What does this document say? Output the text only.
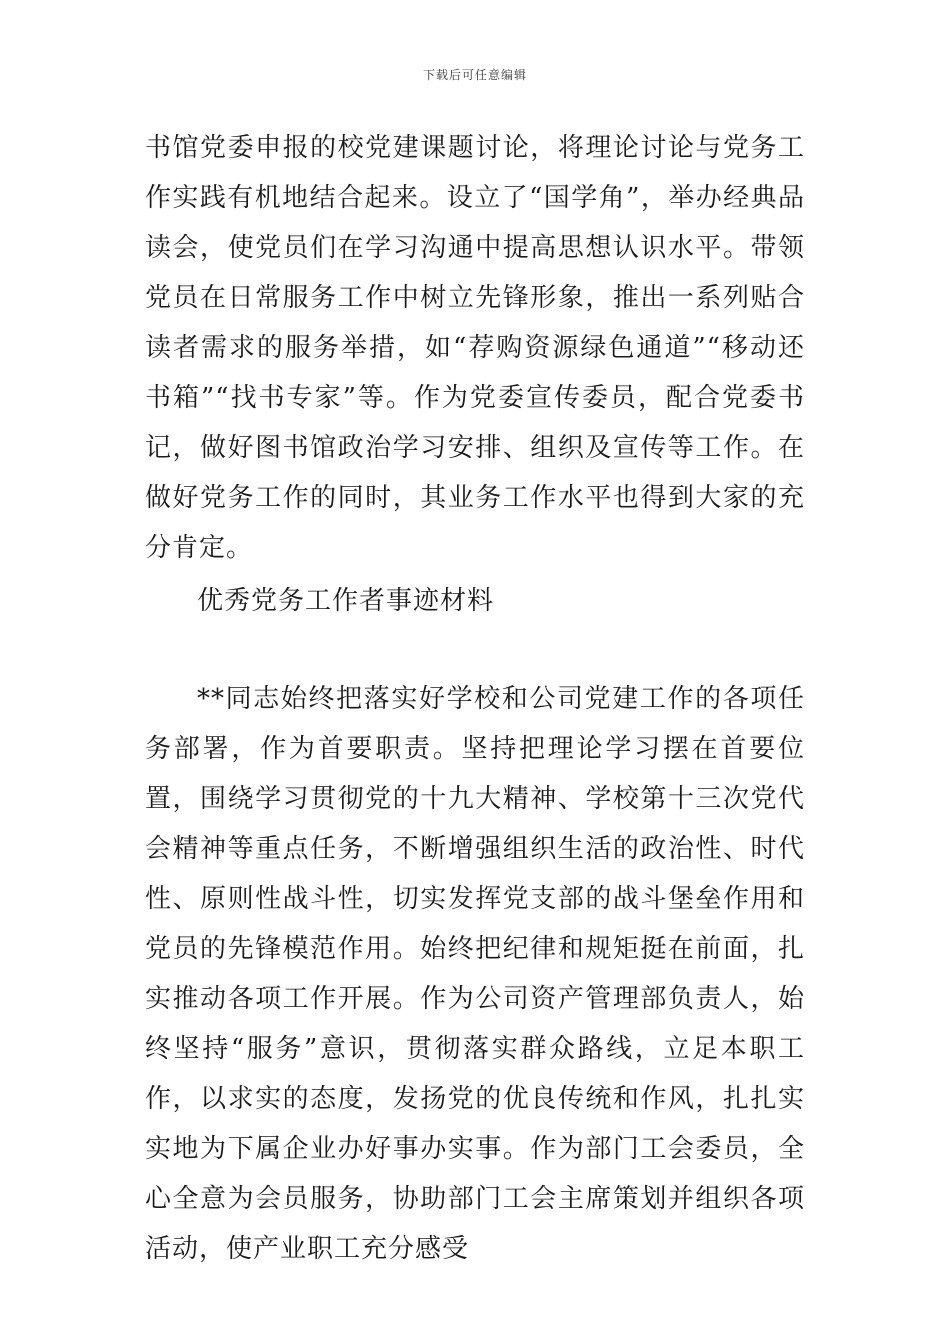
下载后可任意编辑

书馆党委申报的校党建课题讨论，将理论讨论与党务工作实践有机地结合起来。设立了“国学角”，举办经典品读会，使党员们在学习沟通中提高思想认识水平。带领党员在日常服务工作中树立先锋形象，推出一系列贴合读者需求的服务举措，如“荐购资源绿色通道”“移动还书箱”“找书专家”等。作为党委宣传委员，配合党委书记，做好图书馆政治学习安排、组织及宣传等工作。在做好党务工作的同时，其业务工作水平也得到大家的充分肯定。

优秀党务工作者事迹材料

**同志始终把落实好学校和公司党建工作的各项任务部署，作为首要职责。坚持把理论学习摆在首要位置，围绕学习贯彻党的十九大精神、学校第十三次党代会精神等重点任务，不断增强组织生活的政治性、时代性、原则性战斗性，切实发挥党支部的战斗堡垒作用和党员的先锋模范作用。始终把纪律和规矩挺在前面，扎实推动各项工作开展。作为公司资产管理部负责人，始终坚持“服务”意识，贯彻落实群众路线，立足本职工作，以求实的态度，发扬党的优良传统和作风，扎扎实实地为下属企业办好事办实事。作为部门工会委员，全心全意为会员服务，协助部门工会主席策划并组织各项活动，使产业职工充分感受
